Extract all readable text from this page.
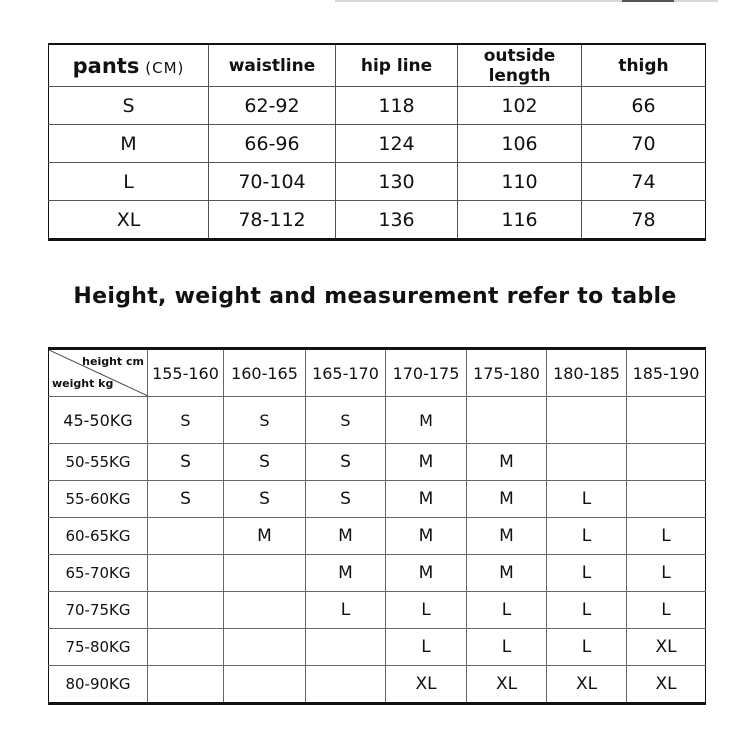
pants (CM)	waistline	hip line	outside length	thigh
S	62-92	118	102	66
M	66-96	124	106	70
L	70-104	130	110	74
XL	78-112	136	116	78
Height, weight and measurement refer to table
height cm
weight kg	155-160	160-165	165-170	170-175	175-180	180-185	185-190
45-50KG	S	S	S	M			
50-55KG	S	S	S	M	M		
55-60KG	S	S	S	M	M	L	
60-65KG		M	M	M	M	L	L
65-70KG			M	M	M	L	L
70-75KG			L	L	L	L	L
75-80KG				L	L	L	XL
80-90KG				XL	XL	XL	XL
